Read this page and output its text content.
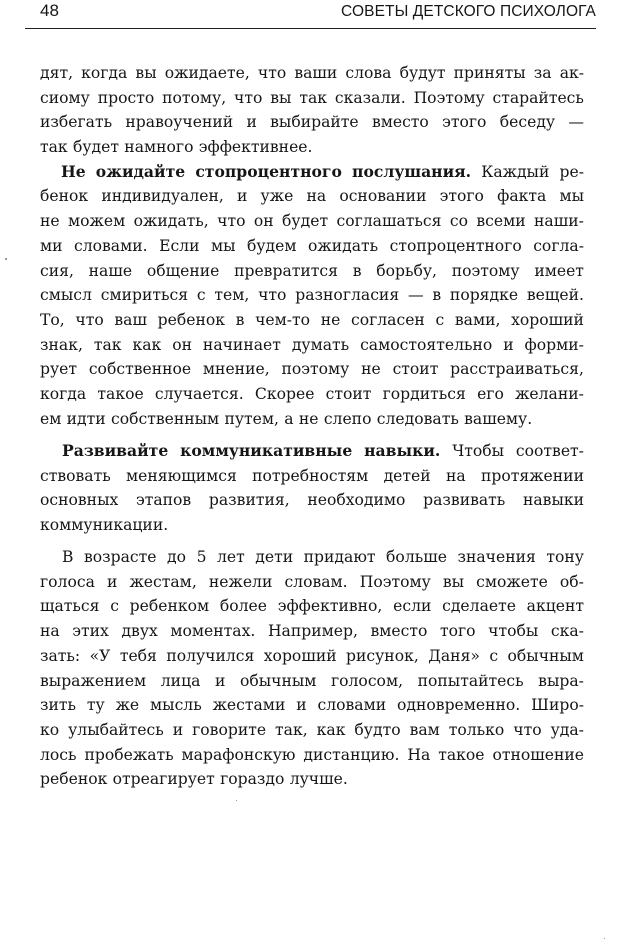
48	СОВЕТЫ ДЕТСКОГО ПСИХОЛОГА
дят, когда вы ожидаете, что ваши слова будут приняты за ак-
сиому просто потому, что вы так сказали. Поэтому старайтесь
избегать нравоучений и выбирайте вместо этого беседу —
так будет намного эффективнее.
Не ожидайте стопроцентного послушания. Каждый ре-
бенок индивидуален, и уже на основании этого факта мы
не можем ожидать, что он будет соглашаться со всеми наши-
ми словами. Если мы будем ожидать стопроцентного согла-
сия, наше общение превратится в борьбу, поэтому имеет
смысл смириться с тем, что разногласия — в порядке вещей.
То, что ваш ребенок в чем-то не согласен с вами, хороший
знак, так как он начинает думать самостоятельно и форми-
рует собственное мнение, поэтому не стоит расстраиваться,
когда такое случается. Скорее стоит гордиться его желани-
ем идти собственным путем, а не слепо следовать вашему.
Развивайте коммуникативные навыки. Чтобы соответ-
ствовать меняющимся потребностям детей на протяжении
основных этапов развития, необходимо развивать навыки
коммуникации.
В возрасте до 5 лет дети придают больше значения тону
голоса и жестам, нежели словам. Поэтому вы сможете об-
щаться с ребенком более эффективно, если сделаете акцент
на этих двух моментах. Например, вместо того чтобы ска-
зать: «У тебя получился хороший рисунок, Даня» с обычным
выражением лица и обычным голосом, попытайтесь выра-
зить ту же мысль жестами и словами одновременно. Широ-
ко улыбайтесь и говорите так, как будто вам только что уда-
лось пробежать марафонскую дистанцию. На такое отношение
ребенок отреагирует гораздо лучше.
